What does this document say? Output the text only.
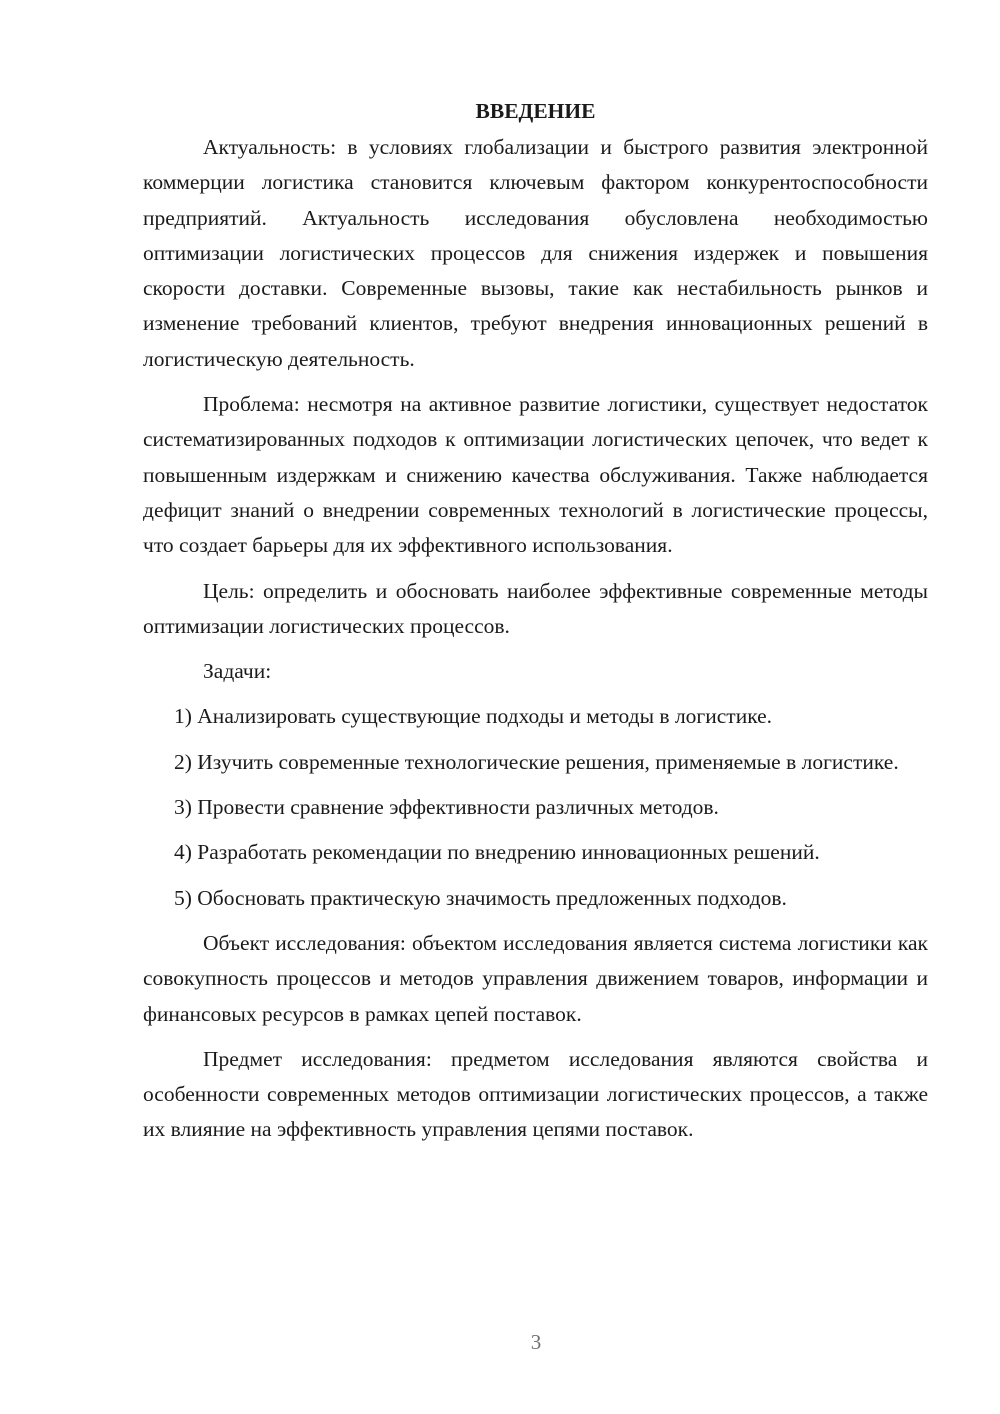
ВВЕДЕНИЕ

Актуальность: в условиях глобализации и быстрого развития электронной коммерции логистика становится ключевым фактором конкурентоспособности предприятий. Актуальность исследования обусловлена необходимостью оптимизации логистических процессов для снижения издержек и повышения скорости доставки. Современные вызовы, такие как нестабильность рынков и изменение требований клиентов, требуют внедрения инновационных решений в логистическую деятельность.

Проблема: несмотря на активное развитие логистики, существует недостаток систематизированных подходов к оптимизации логистических цепочек, что ведет к повышенным издержкам и снижению качества обслуживания. Также наблюдается дефицит знаний о внедрении современных технологий в логистические процессы, что создает барьеры для их эффективного использования.

Цель: определить и обосновать наиболее эффективные современные методы оптимизации логистических процессов.

Задачи:

1) Анализировать существующие подходы и методы в логистике.

2) Изучить современные технологические решения, применяемые в логистике.

3) Провести сравнение эффективности различных методов.

4) Разработать рекомендации по внедрению инновационных решений.

5) Обосновать практическую значимость предложенных подходов.

Объект исследования: объектом исследования является система логистики как совокупность процессов и методов управления движением товаров, информации и финансовых ресурсов в рамках цепей поставок.

Предмет исследования: предметом исследования являются свойства и особенности современных методов оптимизации логистических процессов, а также их влияние на эффективность управления цепями поставок.

3
